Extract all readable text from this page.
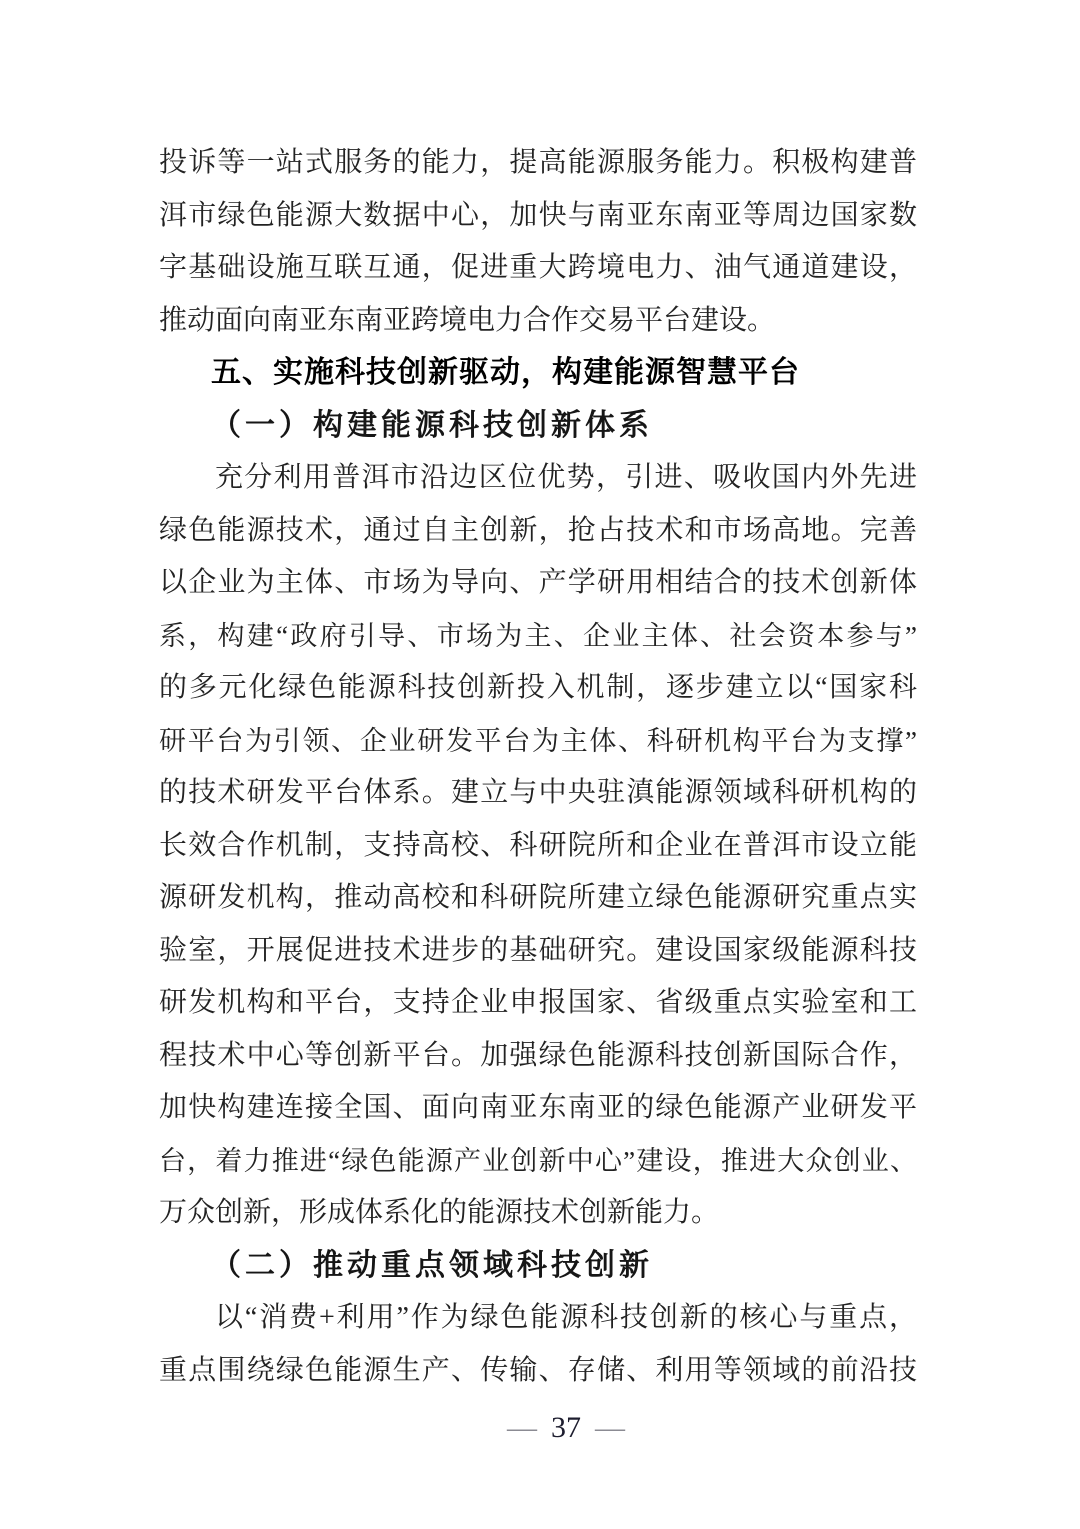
投诉等一站式服务的能力，提高能源服务能力。积极构建普
洱市绿色能源大数据中心，加快与南亚东南亚等周边国家数
字基础设施互联互通，促进重大跨境电力、油气通道建设，
推动面向南亚东南亚跨境电力合作交易平台建设。
五、实施科技创新驱动，构建能源智慧平台
（一）构建能源科技创新体系
充分利用普洱市沿边区位优势，引进、吸收国内外先进
绿色能源技术，通过自主创新，抢占技术和市场高地。完善
以企业为主体、市场为导向、产学研用相结合的技术创新体
系，构建“政府引导、市场为主、企业主体、社会资本参与”
的多元化绿色能源科技创新投入机制，逐步建立以“国家科
研平台为引领、企业研发平台为主体、科研机构平台为支撑”
的技术研发平台体系。建立与中央驻滇能源领域科研机构的
长效合作机制，支持高校、科研院所和企业在普洱市设立能
源研发机构，推动高校和科研院所建立绿色能源研究重点实
验室，开展促进技术进步的基础研究。建设国家级能源科技
研发机构和平台，支持企业申报国家、省级重点实验室和工
程技术中心等创新平台。加强绿色能源科技创新国际合作，
加快构建连接全国、面向南亚东南亚的绿色能源产业研发平
台，着力推进“绿色能源产业创新中心”建设，推进大众创业、
万众创新，形成体系化的能源技术创新能力。
（二）推动重点领域科技创新
以“消费+利用”作为绿色能源科技创新的核心与重点，
重点围绕绿色能源生产、传输、存储、利用等领域的前沿技
— 37 —
